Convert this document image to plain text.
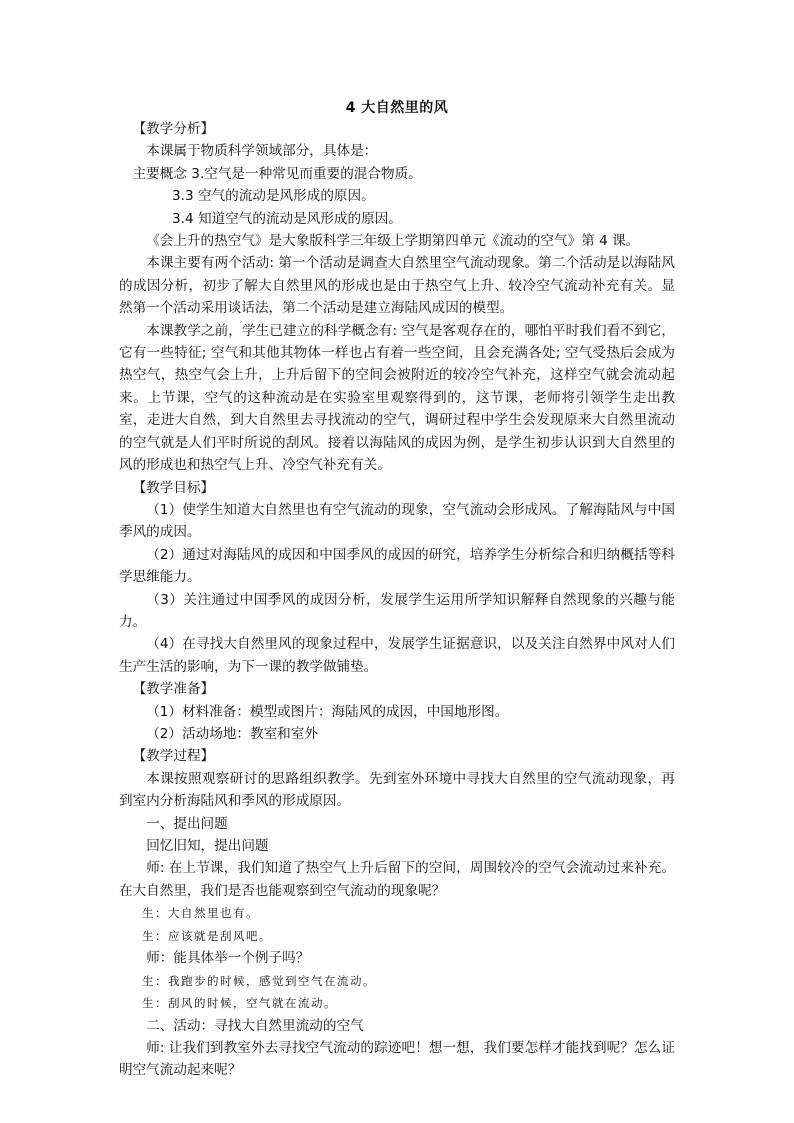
4 大自然里的风

【教学分析】

本课属于物质科学领域部分，具体是：

主要概念 3.空气是一种常见而重要的混合物质。

3.3 空气的流动是风形成的原因。

3.4 知道空气的流动是风形成的原因。

《会上升的热空气》是大象版科学三年级上学期第四单元《流动的空气》第 4 课。

本课主要有两个活动: 第一个活动是调查大自然里空气流动现象。第二个活动是以海陆风的成因分析，初步了解大自然里风的形成也是由于热空气上升、较冷空气流动补充有关。显然第一个活动采用谈话法，第二个活动是建立海陆风成因的模型。

本课教学之前，学生已建立的科学概念有: 空气是客观存在的，哪怕平时我们看不到它，它有一些特征; 空气和其他其物体一样也占有着一些空间，且会充满各处; 空气受热后会成为热空气，热空气会上升，上升后留下的空间会被附近的较冷空气补充，这样空气就会流动起来。上节课，空气的这种流动是在实验室里观察得到的，这节课，老师将引领学生走出教室，走进大自然，到大自然里去寻找流动的空气，调研过程中学生会发现原来大自然里流动的空气就是人们平时所说的刮风。接着以海陆风的成因为例，是学生初步认识到大自然里的风的形成也和热空气上升、冷空气补充有关。

【教学目标】

（1）使学生知道大自然里也有空气流动的现象，空气流动会形成风。了解海陆风与中国季风的成因。

（2）通过对海陆风的成因和中国季风的成因的研究，培养学生分析综合和归纳概括等科学思维能力。

（3）关注通过中国季风的成因分析，发展学生运用所学知识解释自然现象的兴趣与能力。

（4）在寻找大自然里风的现象过程中，发展学生证据意识，以及关注自然界中风对人们生产生活的影响，为下一课的教学做铺垫。

【教学准备】

（1）材料准备：模型或图片：海陆风的成因，中国地形图。

（2）活动场地：教室和室外

【教学过程】

本课按照观察研讨的思路组织教学。先到室外环境中寻找大自然里的空气流动现象，再到室内分析海陆风和季风的形成原因。

一、提出问题

回忆旧知，提出问题

师: 在上节课，我们知道了热空气上升后留下的空间，周围较冷的空气会流动过来补充。在大自然里，我们是否也能观察到空气流动的现象呢？

生：大自然里也有。

生：应该就是刮风吧。

师：能具体举一个例子吗？

生：我跑步的时候，感觉到空气在流动。

生：刮风的时候，空气就在流动。

二、活动：寻找大自然里流动的空气

师: 让我们到教室外去寻找空气流动的踪迹吧！想一想，我们要怎样才能找到呢？怎么证明空气流动起来呢？
